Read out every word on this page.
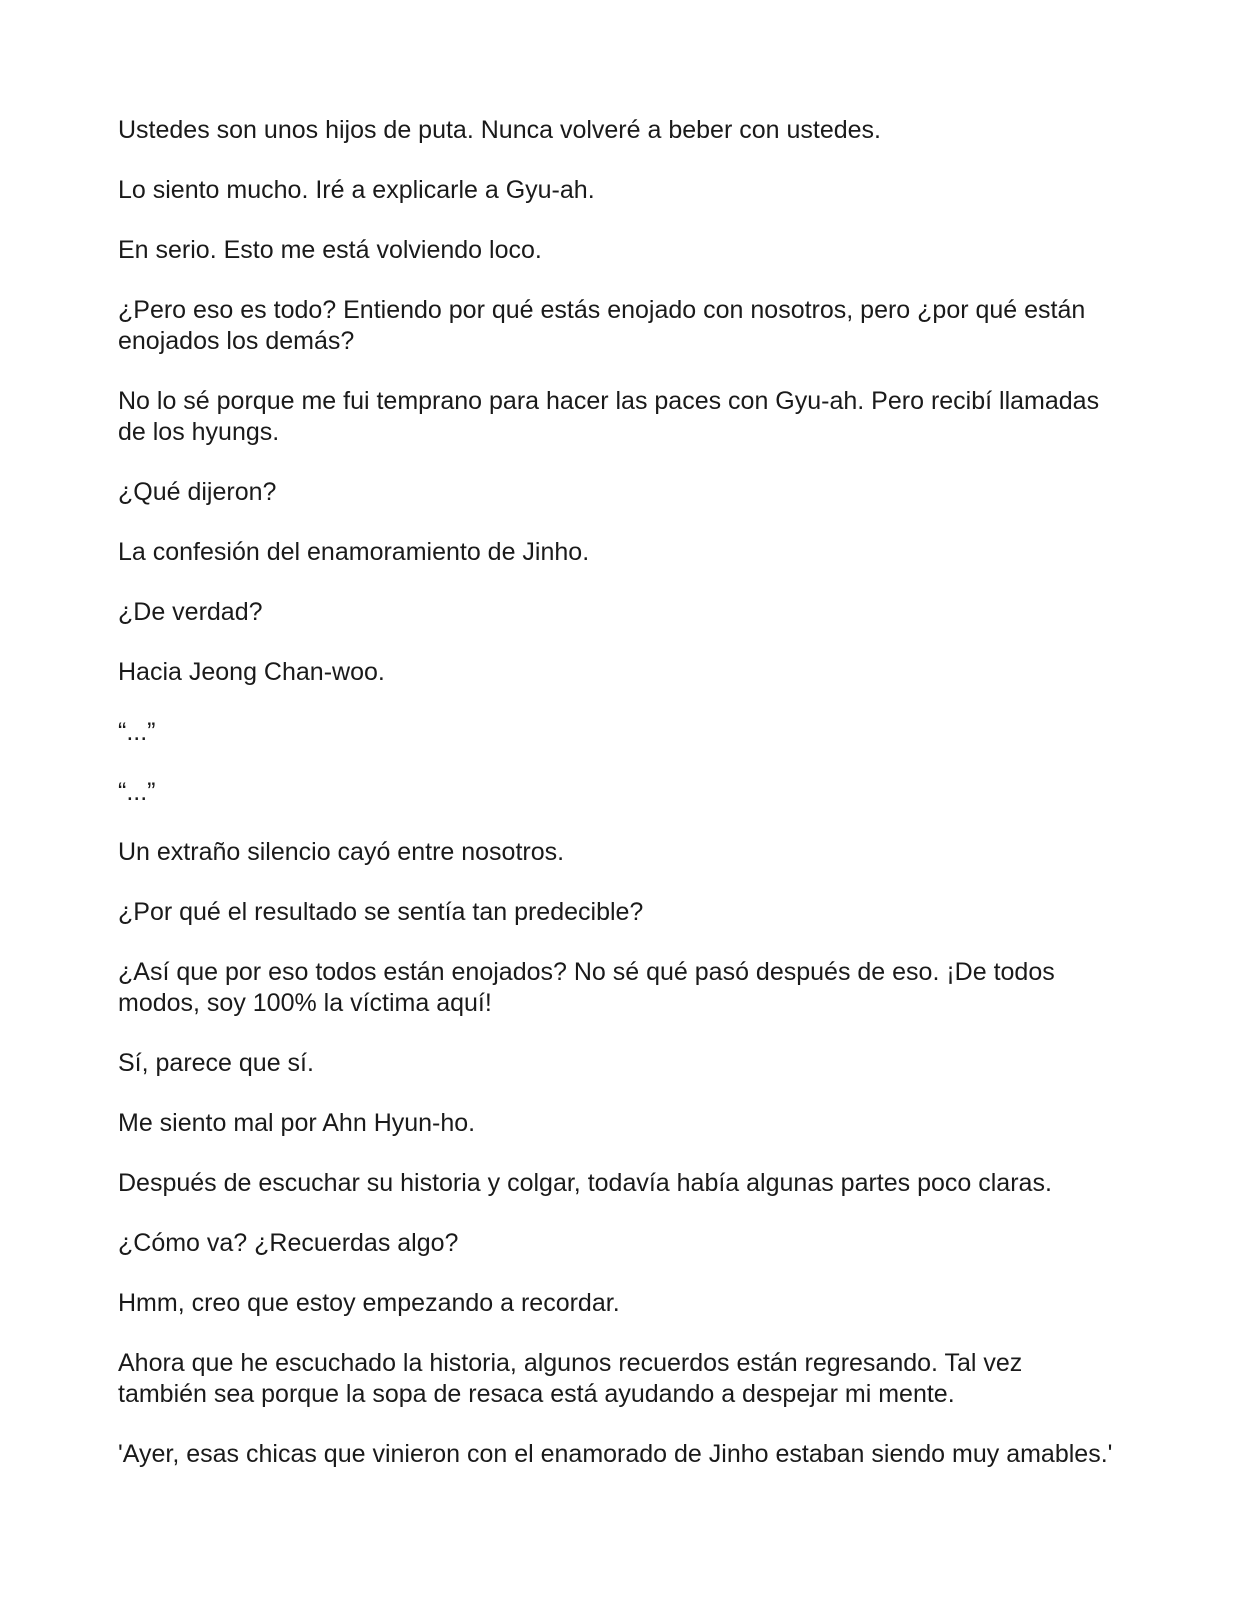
Ustedes son unos hijos de puta. Nunca volveré a beber con ustedes.

Lo siento mucho. Iré a explicarle a Gyu-ah.

En serio. Esto me está volviendo loco.

¿Pero eso es todo? Entiendo por qué estás enojado con nosotros, pero ¿por qué están enojados los demás?

No lo sé porque me fui temprano para hacer las paces con Gyu-ah. Pero recibí llamadas de los hyungs.

¿Qué dijeron?

La confesión del enamoramiento de Jinho.

¿De verdad?

Hacia Jeong Chan-woo.

“...”

“...”

Un extraño silencio cayó entre nosotros.

¿Por qué el resultado se sentía tan predecible?

¿Así que por eso todos están enojados? No sé qué pasó después de eso. ¡De todos modos, soy 100% la víctima aquí!

Sí, parece que sí.

Me siento mal por Ahn Hyun-ho.

Después de escuchar su historia y colgar, todavía había algunas partes poco claras.

¿Cómo va? ¿Recuerdas algo?

Hmm, creo que estoy empezando a recordar.

Ahora que he escuchado la historia, algunos recuerdos están regresando. Tal vez también sea porque la sopa de resaca está ayudando a despejar mi mente.

'Ayer, esas chicas que vinieron con el enamorado de Jinho estaban siendo muy amables.'
